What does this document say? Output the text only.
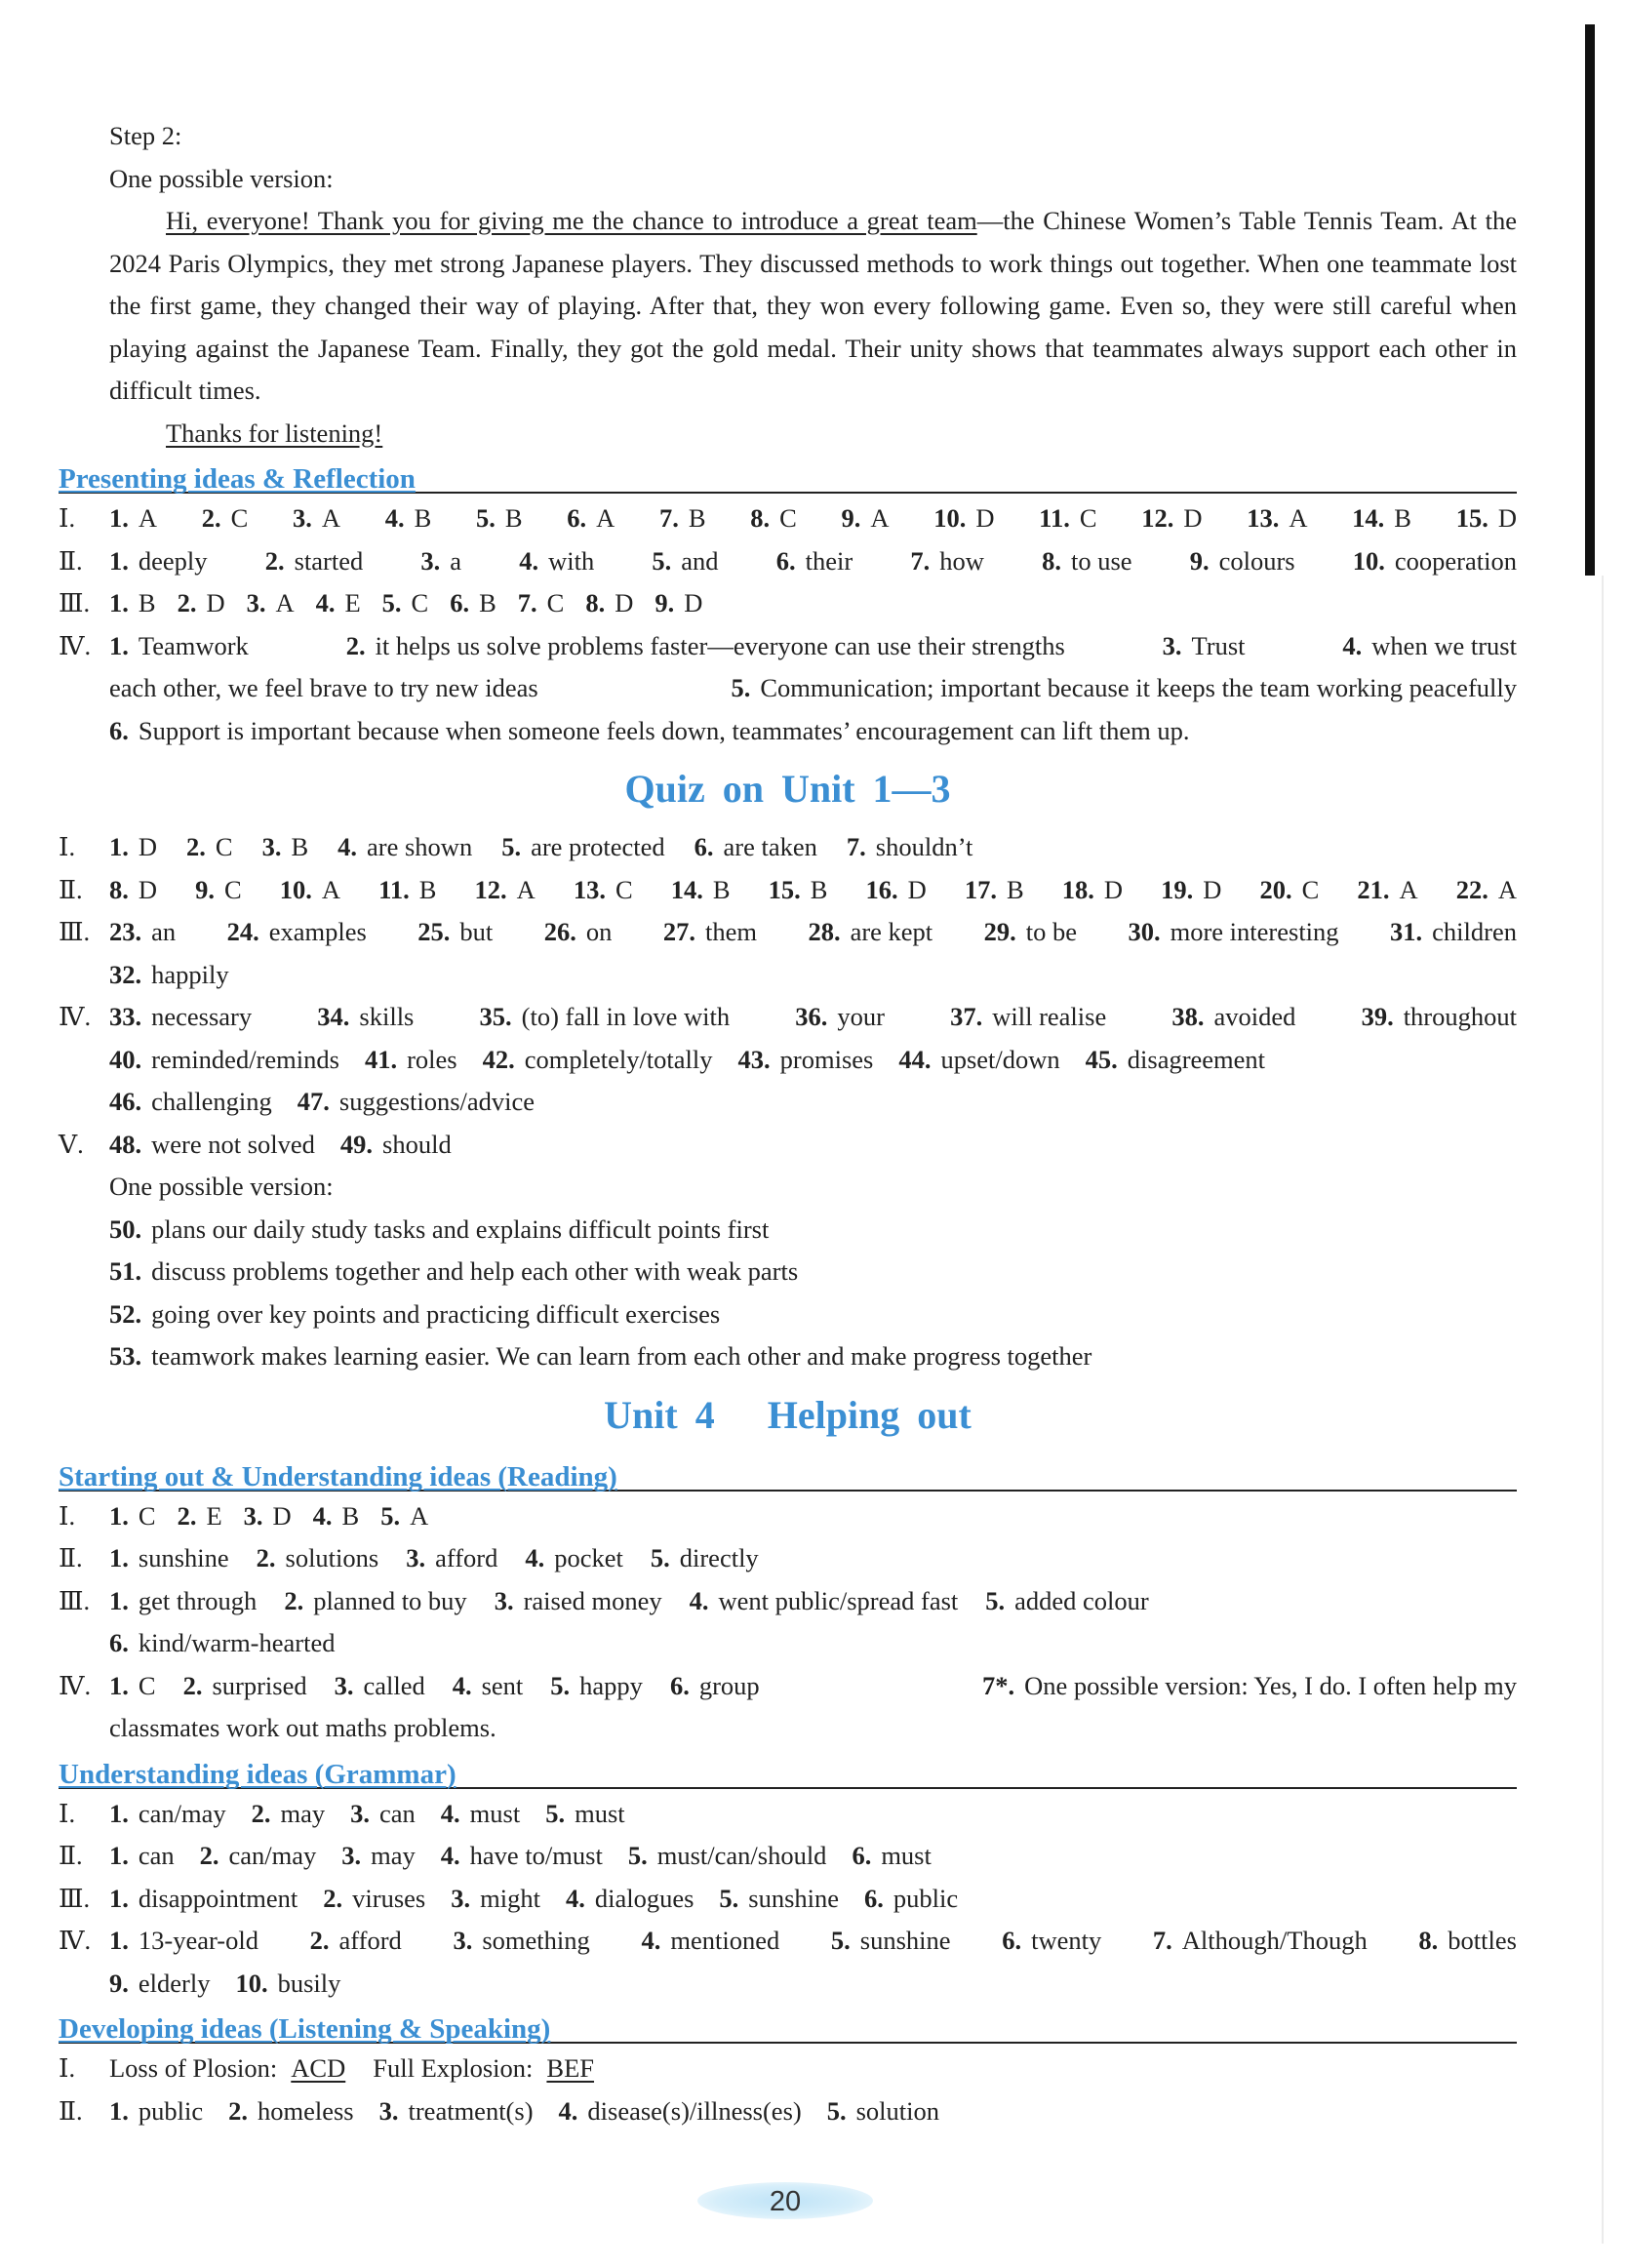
Step 2:
One possible version:
Hi, everyone! Thank you for giving me the chance to introduce a great team—the Chinese Women’s Table Tennis Team. At the 2024 Paris Olympics, they met strong Japanese players. They discussed methods to work things out together. When one teammate lost the first game, they changed their way of playing. After that, they won every following game. Even so, they were still careful when playing against the Japanese Team. Finally, they got the gold medal. Their unity shows that teammates always support each other in difficult times.
Thanks for listening!
Presenting ideas & Reflection
Ⅰ.	1. A 2. C 3. A 4. B 5. B 6. A 7. B 8. C 9. A 10. D 11. C 12. D 13. A 14. B 15. D
Ⅱ.	1. deeply 2. started 3. a 4. with 5. and 6. their 7. how 8. to use 9. colours 10. cooperation
Ⅲ. 1. B 2. D 3. A 4. E 5. C 6. B 7. C 8. D 9. D
Ⅳ. 1. Teamwork	2. it helps us solve problems faster—everyone can use their strengths	3. Trust	4. when we trust
each other, we feel brave to try new ideas	5. Communication; important because it keeps the team working peacefully
6. Support is important because when someone feels down, teammates’ encouragement can lift them up.
Quiz on Unit 1—3
Ⅰ.	1. D 2. C 3. B 4. are shown 5. are protected 6. are taken 7. shouldn’t
Ⅱ.	8. D 9. C 10. A 11. B 12. A 13. C 14. B 15. B 16. D 17. B 18. D 19. D 20. C 21. A 22. A
Ⅲ. 23. an 24. examples 25. but 26. on 27. them 28. are kept 29. to be 30. more interesting 31. children
32. happily
Ⅳ. 33. necessary	34. skills	35. (to) fall in love with	36. your	37. will realise	38. avoided	39. throughout
40. reminded/reminds 41. roles 42. completely/totally 43. promises 44. upset/down 45. disagreement
46. challenging 47. suggestions/advice
Ⅴ. 48. were not solved 49. should
One possible version:
50. plans our daily study tasks and explains difficult points first
51. discuss problems together and help each other with weak parts
52. going over key points and practicing difficult exercises
53. teamwork makes learning easier. We can learn from each other and make progress together
Unit 4   Helping out
Starting out & Understanding ideas (Reading)
Ⅰ.	1. C 2. E 3. D 4. B 5. A
Ⅱ.	1. sunshine 2. solutions 3. afford 4. pocket 5. directly
Ⅲ. 1. get through 2. planned to buy 3. raised money 4. went public/spread fast 5. added colour
6. kind/warm-hearted
Ⅳ. 1. C 2. surprised 3. called 4. sent 5. happy 6. group	7*. One possible version: Yes, I do. I often help my
classmates work out maths problems.
Understanding ideas (Grammar)
Ⅰ.	1. can/may 2. may 3. can 4. must 5. must
Ⅱ.	1. can 2. can/may 3. may 4. have to/must 5. must/can/should 6. must
Ⅲ. 1. disappointment 2. viruses 3. might 4. dialogues 5. sunshine 6. public
Ⅳ. 1. 13-year-old 2. afford 3. something 4. mentioned 5. sunshine 6. twenty 7. Although/Though 8. bottles
9. elderly 10. busily
Developing ideas (Listening & Speaking)
Ⅰ.	Loss of Plosion: ACD Full Explosion: BEF
Ⅱ.	1. public 2. homeless 3. treatment(s) 4. disease(s)/illness(es) 5. solution
20
